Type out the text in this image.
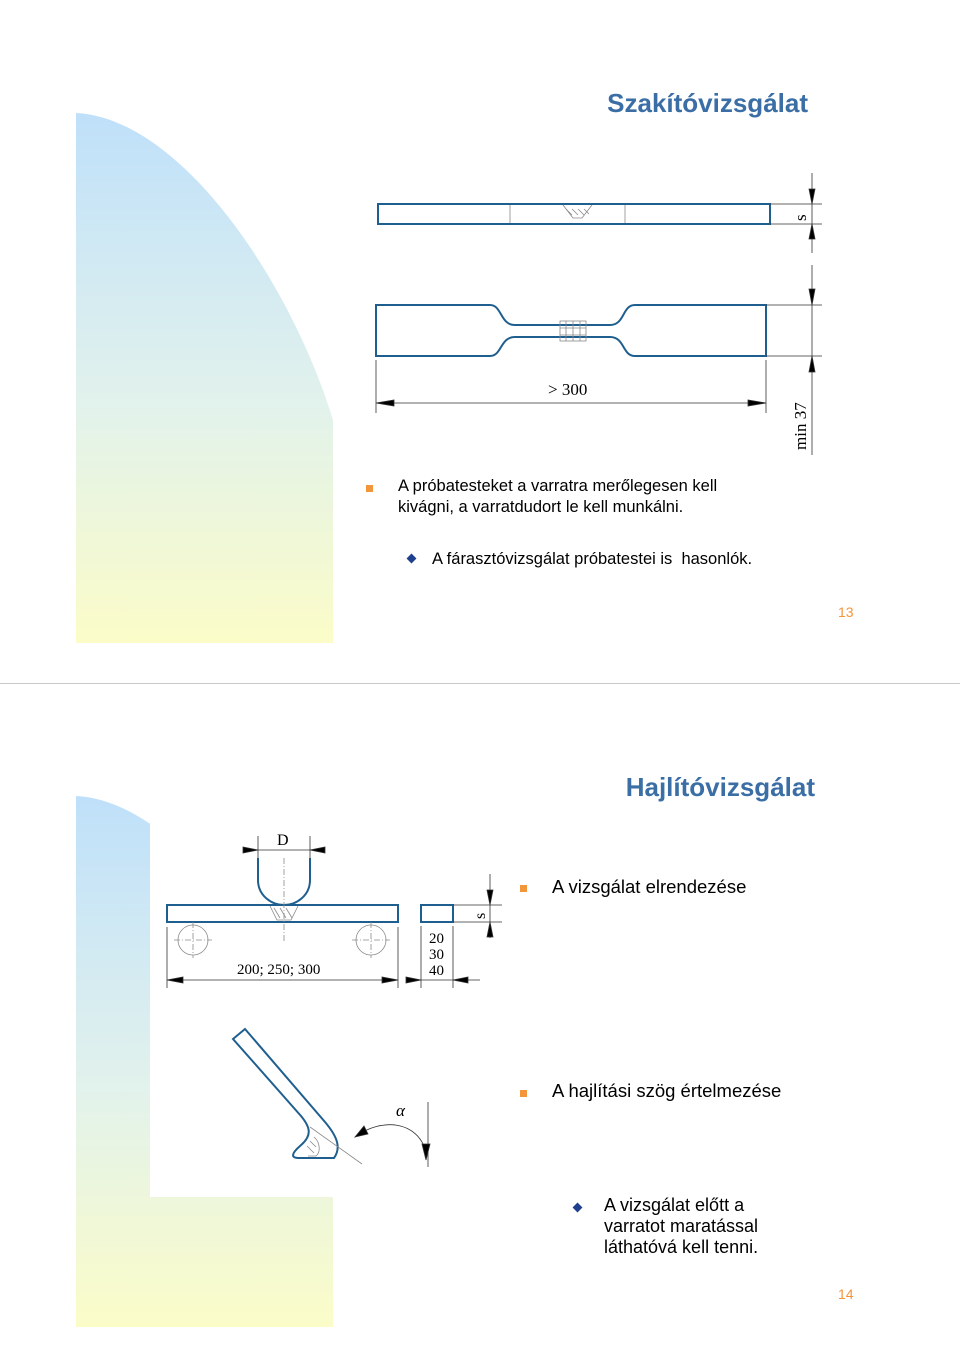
Szakítóvizsgálat
s
> 300
min 37
A próbatesteket a varratra merőlegesen kell kivágni, a varratdudort le kell munkálni.
A fárasztóvizsgálat próbatestei is  hasonlók.
13
Hajlítóvizsgálat
D
s
200; 250; 300
20
30
40
α
A vizsgálat elrendezése
A hajlítási szög értelmezése
A vizsgálat előtt a varratot maratással láthatóvá kell tenni.
14
